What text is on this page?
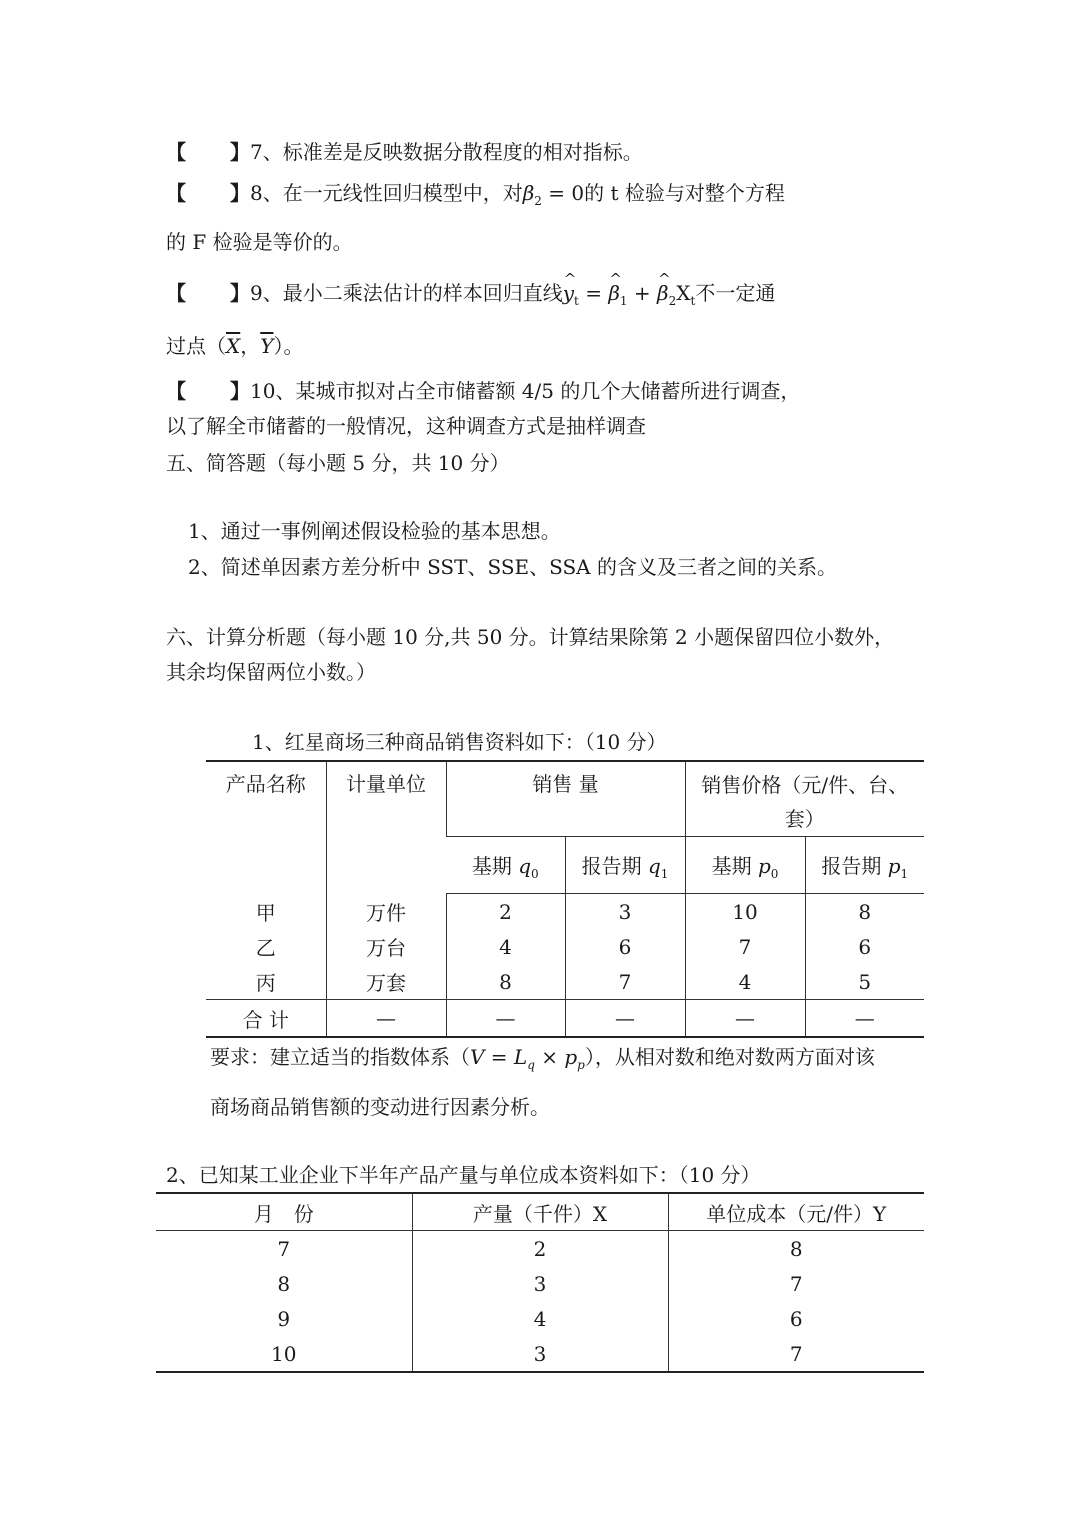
【 】7、标准差是反映数据分散程度的相对指标。
【 】8、在一元线性回归模型中，对$\beta_2 = 0$的 t 检验与对整个方程
的 F 检验是等价的。
【 】9、最小二乘法估计的样本回归直线^ $y_t$ = ^ $\beta_1$ + ^ $\beta_2X_t$不一定通
过点（$\overline{X}$，$\overline{Y}$）。
【 】10、某城市拟对占全市储蓄额 4/5 的几个大储蓄所进行调查，
以了解全市储蓄的一般情况，这种调查方式是抽样调查
五、简答题（每小题 5 分，共 10 分）
1、通过一事例阐述假设检验的基本思想。
2、简述单因素方差分析中 SST、SSE、SSA 的含义及三者之间的关系。
六、计算分析题（每小题 10 分,共 50 分。计算结果除第 2 小题保留四位小数外，
其余均保留两位小数。）
1、红星商场三种商品销售资料如下：（10 分）
产品名称	计量单位	销售 量		销售价格（元/件、台、套）	
		基期 $q_0$	报告期 $q_1$	基期 $p_0$	报告期 $p_1$
甲	万件	2	3	10	8
乙	万台	4	6	7	6
丙	万套	8	7	4	5
合 计	—	—	—	—	—
要求：建立适当的指数体系$(V = L_q \times p_p)$，从相对数和绝对数两方面对该
商场商品销售额的变动进行因素分析。
2、已知某工业企业下半年产品产量与单位成本资料如下：（10 分）
月　份	产量（千件）X	单位成本（元/件）Y
7	2	8
8	3	7
9	4	6
10	3	7
